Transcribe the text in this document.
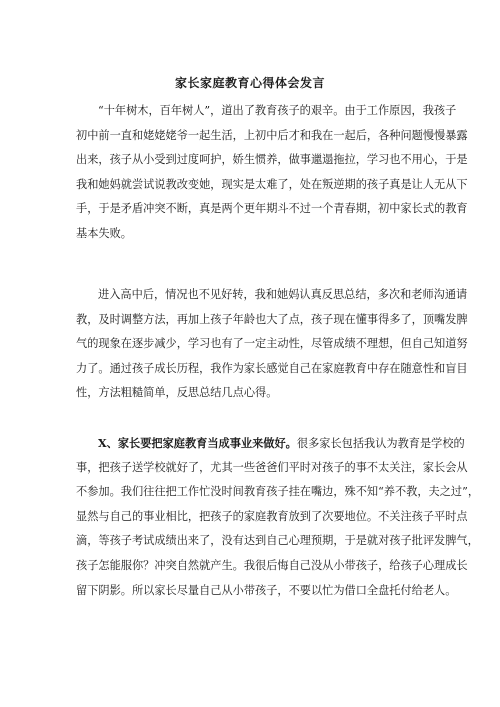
家长家庭教育心得体会发言
“十年树木，百年树人”，道出了教育孩子的艰辛。由于工作原因，我孩子
初中前一直和姥姥姥爷一起生活，上初中后才和我在一起后，各种问题慢慢暴露
出来，孩子从小受到过度呵护，娇生惯养，做事邋遢拖拉，学习也不用心，于是
我和她妈就尝试说教改变她，现实是太难了，处在叛逆期的孩子真是让人无从下
手，于是矛盾冲突不断，真是两个更年期斗不过一个青春期，初中家长式的教育
基本失败。
进入高中后，情况也不见好转，我和她妈认真反思总结，多次和老师沟通请
教，及时调整方法，再加上孩子年龄也大了点，孩子现在懂事得多了，顶嘴发脾
气的现象在逐步减少，学习也有了一定主动性，尽管成绩不理想，但自己知道努
力了。通过孩子成长历程，我作为家长感觉自己在家庭教育中存在随意性和盲目
性，方法粗糙简单，反思总结几点心得。
X、家长要把家庭教育当成事业来做好。很多家长包括我认为教育是学校的
事，把孩子送学校就好了，尤其一些爸爸们平时对孩子的事不太关注，家长会从
不参加。我们往往把工作忙没时间教育孩子挂在嘴边，殊不知“养不教，夫之过”，
显然与自己的事业相比，把孩子的家庭教育放到了次要地位。不关注孩子平时点
滴，等孩子考试成绩出来了，没有达到自己心理预期，于是就对孩子批评发脾气，
孩子怎能服你？冲突自然就产生。我很后悔自己没从小带孩子，给孩子心理成长
留下阴影。所以家长尽量自己从小带孩子，不要以忙为借口全盘托付给老人。
